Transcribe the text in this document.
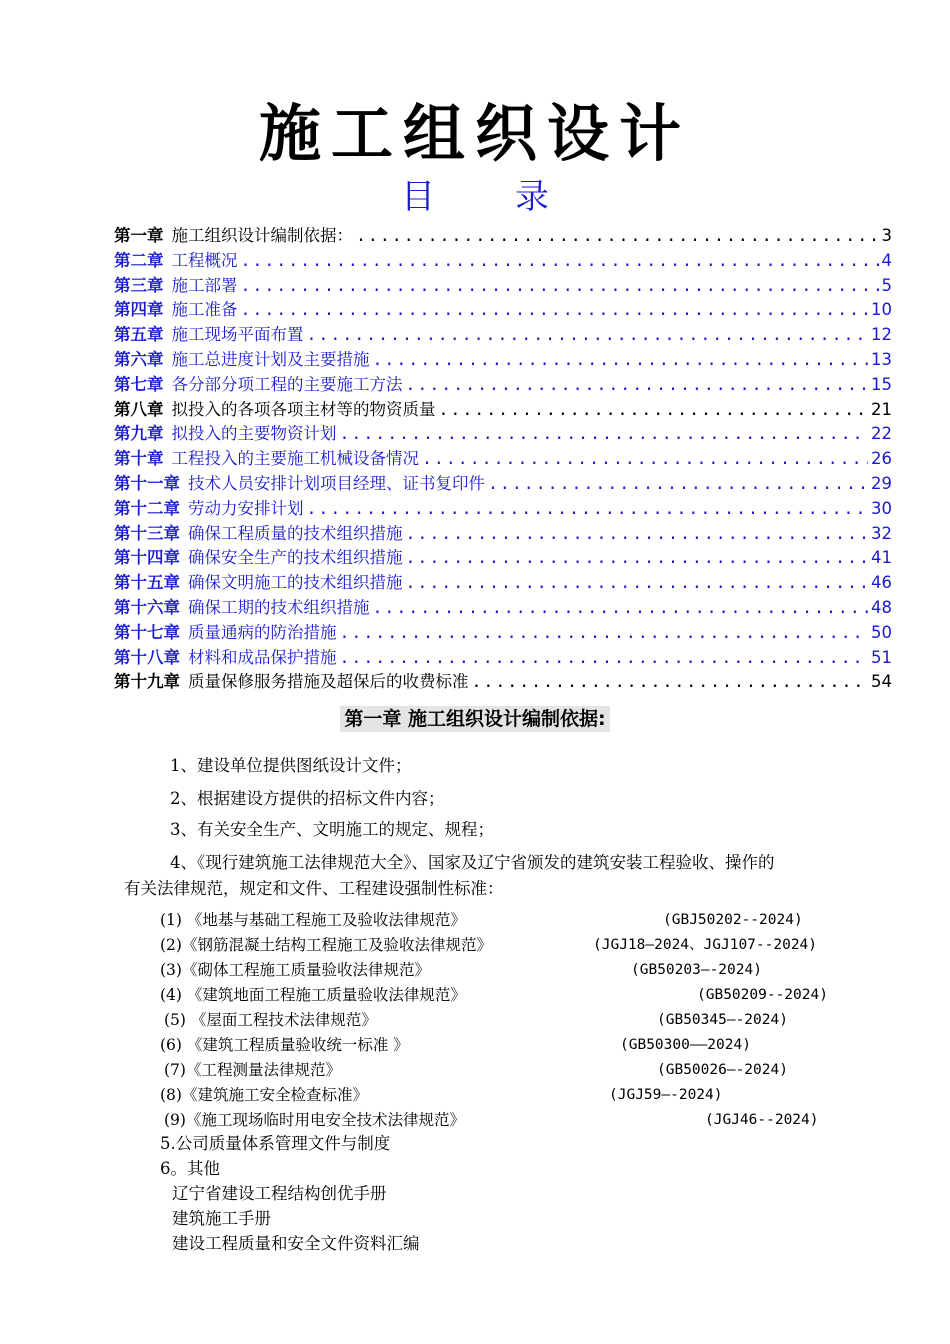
施工组织设计
目 录
第一章 施工组织设计编制依据： .....	3
第二章 工程概况 .....	4
第三章 施工部署 .....	5
第四章 施工准备 .....	10
第五章 施工现场平面布置 .....	12
第六章 施工总进度计划及主要措施 .....	13
第七章 各分部分项工程的主要施工方法 .....	15
第八章 拟投入的各项各项主材等的物资质量 .....	21
第九章 拟投入的主要物资计划 .....	22
第十章 工程投入的主要施工机械设备情况 .....	26
第十一章 技术人员安排计划项目经理、证书复印件 .....	29
第十二章 劳动力安排计划 .....	30
第十三章 确保工程质量的技术组织措施 .....	32
第十四章 确保安全生产的技术组织措施 .....	41
第十五章 确保文明施工的技术组织措施 .....	46
第十六章 确保工期的技术组织措施 .....	48
第十七章 质量通病的防治措施 .....	50
第十八章 材料和成品保护措施 .....	51
第十九章 质量保修服务措施及超保后的收费标准 .....	54
第一章 施工组织设计编制依据:
1、建设单位提供图纸设计文件；
2、根据建设方提供的招标文件内容；
3、有关安全生产、文明施工的规定、规程；
4、《现行建筑施工法律规范大全》、国家及辽宁省颁发的建筑安装工程验收、操作的
有关法律规范，规定和文件、工程建设强制性标准：
(1) 《地基与基础工程施工及验收法律规范》	(GBJ50202--2024)
(2)《钢筋混凝土结构工程施工及验收法律规范》	(JGJ18—2024、JGJ107--2024)
(3)《砌体工程施工质量验收法律规范》	(GB50203—-2024)
(4) 《建筑地面工程施工质量验收法律规范》	(GB50209--2024)
(5) 《屋面工程技术法律规范》	(GB50345—-2024)
(6) 《建筑工程质量验收统一标准 》	(GB50300——2024)
(7)《工程测量法律规范》	(GB50026—-2024)
(8)《建筑施工安全检查标准》	(JGJ59—-2024)
(9)《施工现场临时用电安全技术法律规范》	(JGJ46--2024)
5.公司质量体系管理文件与制度
6。其他
辽宁省建设工程结构创优手册
建筑施工手册
建设工程质量和安全文件资料汇编
